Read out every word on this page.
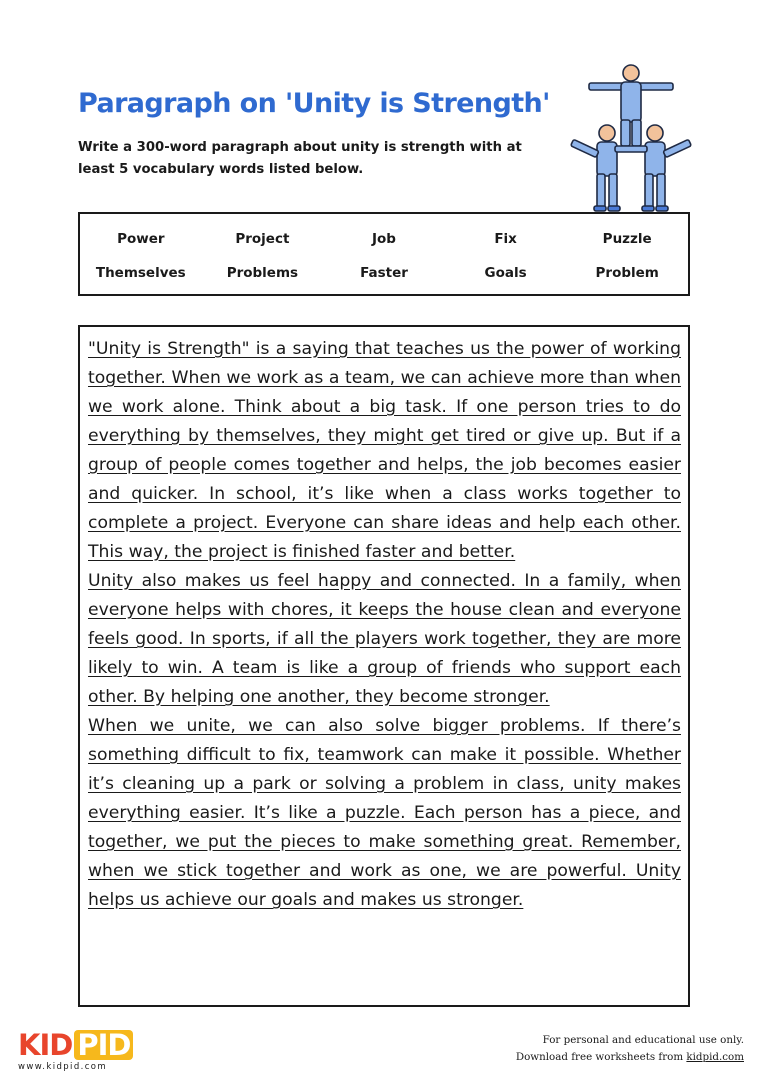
Paragraph on 'Unity is Strength'

Write a 300-word paragraph about unity is strength with at least 5 vocabulary words listed below.

Power	Project	Job	Fix	Puzzle
Themselves	Problems	Faster	Goals	Problem

"Unity is Strength" is a saying that teaches us the power of working together. When we work as a team, we can achieve more than when we work alone. Think about a big task. If one person tries to do everything by themselves, they might get tired or give up. But if a group of people comes together and helps, the job becomes easier and quicker. In school, it’s like when a class works together to complete a project. Everyone can share ideas and help each other. This way, the project is finished faster and better.

Unity also makes us feel happy and connected. In a family, when everyone helps with chores, it keeps the house clean and everyone feels good. In sports, if all the players work together, they are more likely to win. A team is like a group of friends who support each other. By helping one another, they become stronger.

When we unite, we can also solve bigger problems. If there’s something difficult to fix, teamwork can make it possible. Whether it’s cleaning up a park or solving a problem in class, unity makes everything easier. It’s like a puzzle. Each person has a piece, and together, we put the pieces to make something great. Remember, when we stick together and work as one, we are powerful. Unity helps us achieve our goals and makes us stronger.

KID PID
www.kidpid.com
For personal and educational use only.
Download free worksheets from kidpid.com
